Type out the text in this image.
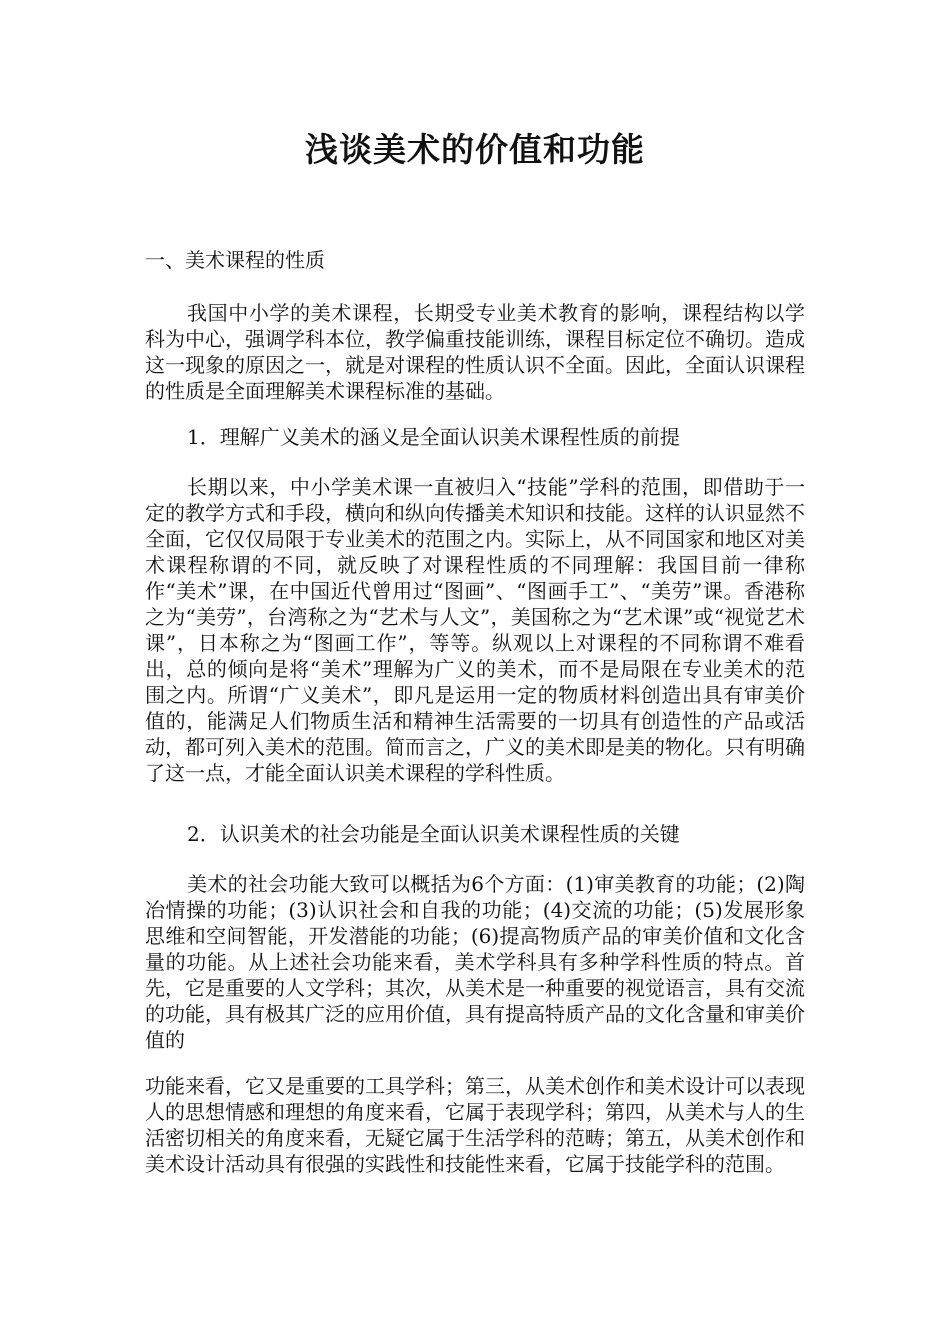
浅谈美术的价值和功能

一、美术课程的性质

我国中小学的美术课程，长期受专业美术教育的影响，课程结构以学科为中心，强调学科本位，教学偏重技能训练，课程目标定位不确切。造成这一现象的原因之一，就是对课程的性质认识不全面。因此，全面认识课程的性质是全面理解美术课程标准的基础。

1．理解广义美术的涵义是全面认识美术课程性质的前提

长期以来，中小学美术课一直被归入“技能”学科的范围，即借助于一定的教学方式和手段，横向和纵向传播美术知识和技能。这样的认识显然不全面，它仅仅局限于专业美术的范围之内。实际上，从不同国家和地区对美术课程称谓的不同，就反映了对课程性质的不同理解：我国目前一律称作“美术”课，在中国近代曾用过“图画”、“图画手工”、“美劳”课。香港称之为“美劳”，台湾称之为“艺术与人文”，美国称之为“艺术课”或“视觉艺术课”，日本称之为“图画工作”，等等。纵观以上对课程的不同称谓不难看出，总的倾向是将“美术”理解为广义的美术，而不是局限在专业美术的范围之内。所谓“广义美术”，即凡是运用一定的物质材料创造出具有审美价值的，能满足人们物质生活和精神生活需要的一切具有创造性的产品或活动，都可列入美术的范围。简而言之，广义的美术即是美的物化。只有明确了这一点，才能全面认识美术课程的学科性质。

2．认识美术的社会功能是全面认识美术课程性质的关键

美术的社会功能大致可以概括为6个方面：(1)审美教育的功能；(2)陶冶情操的功能；(3)认识社会和自我的功能；(4)交流的功能；(5)发展形象思维和空间智能，开发潜能的功能；(6)提高物质产品的审美价值和文化含量的功能。从上述社会功能来看，美术学科具有多种学科性质的特点。首先，它是重要的人文学科；其次，从美术是一种重要的视觉语言，具有交流的功能，具有极其广泛的应用价值，具有提高特质产品的文化含量和审美价值的

功能来看，它又是重要的工具学科；第三，从美术创作和美术设计可以表现人的思想情感和理想的角度来看，它属于表现学科；第四，从美术与人的生活密切相关的角度来看，无疑它属于生活学科的范畴；第五，从美术创作和美术设计活动具有很强的实践性和技能性来看，它属于技能学科的范围。
